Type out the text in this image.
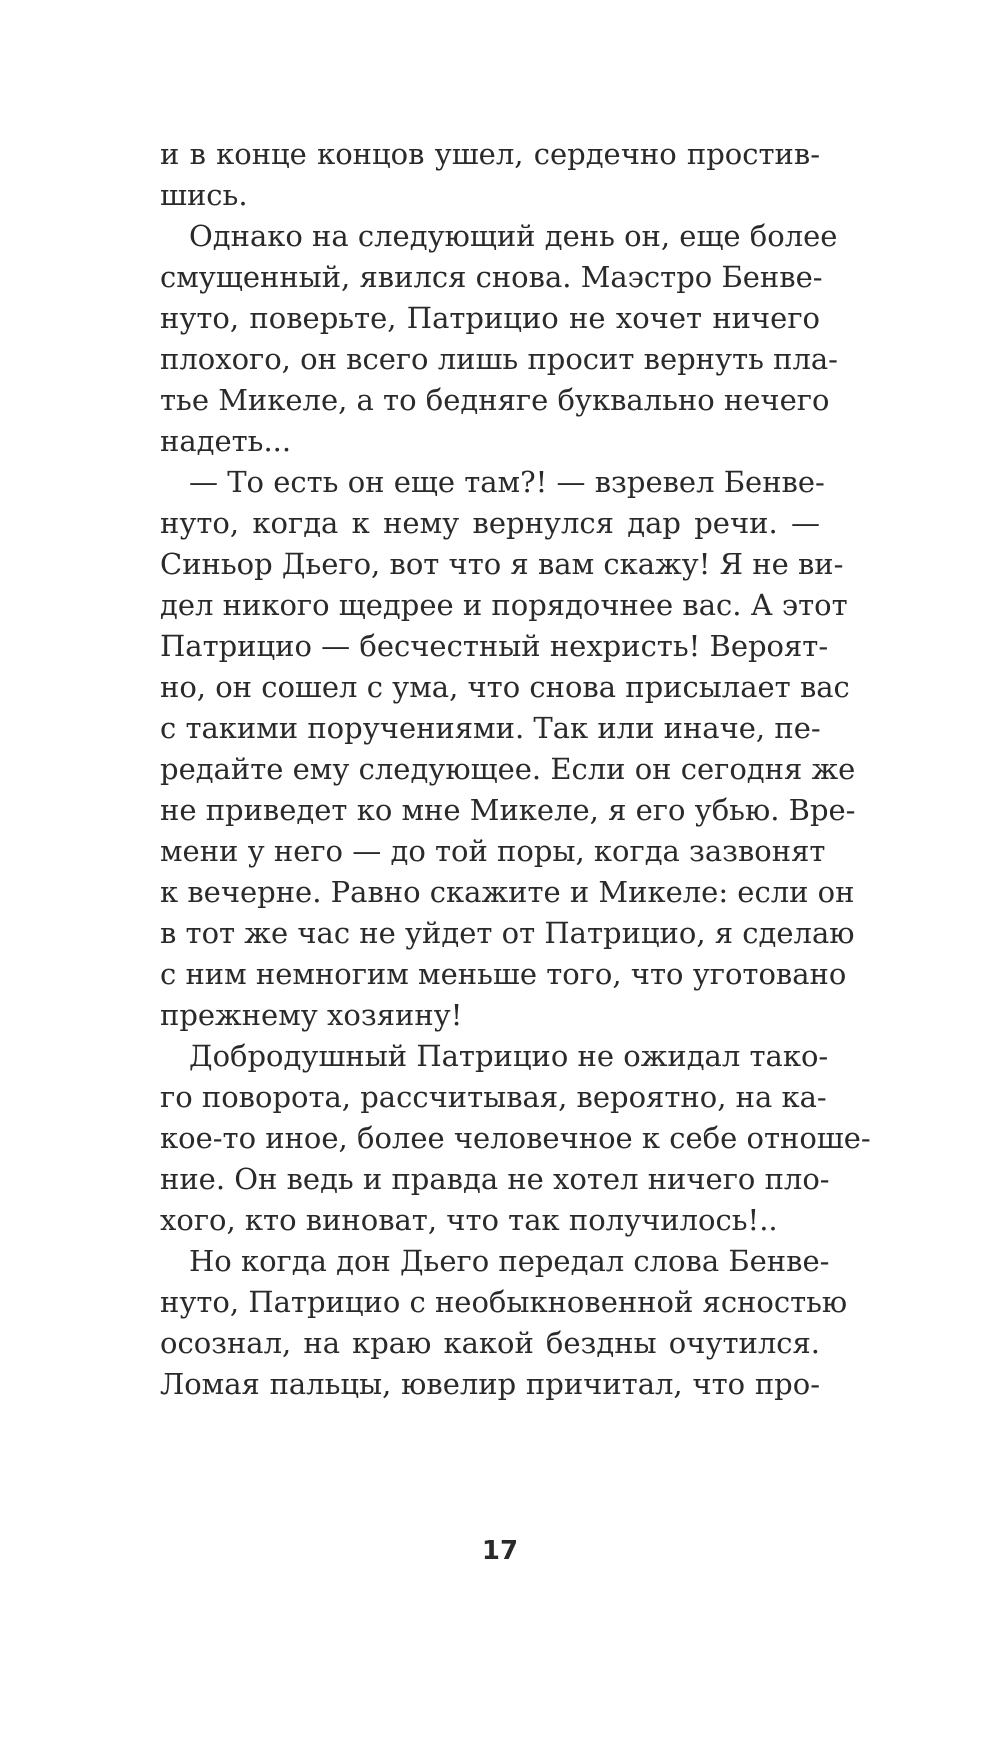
и в конце концов ушел, сердечно простив-
шись.
Однако на следующий день он, еще более
смущенный, явился снова. Маэстро Бенве-
нуто, поверьте, Патрицио не хочет ничего
плохого, он всего лишь просит вернуть пла-
тье Микеле, а то бедняге буквально нечего
надеть...
— То есть он еще там?! — взревел Бенве-
нуто, когда к нему вернулся дар речи. —
Синьор Дьего, вот что я вам скажу! Я не ви-
дел никого щедрее и порядочнее вас. А этот
Патрицио — бесчестный нехристь! Вероят-
но, он сошел с ума, что снова присылает вас
с такими поручениями. Так или иначе, пе-
редайте ему следующее. Если он сегодня же
не приведет ко мне Микеле, я его убью. Вре-
мени у него — до той поры, когда зазвонят
к вечерне. Равно скажите и Микеле: если он
в тот же час не уйдет от Патрицио, я сделаю
с ним немногим меньше того, что уготовано
прежнему хозяину!
Добродушный Патрицио не ожидал тако-
го поворота, рассчитывая, вероятно, на ка-
кое-то иное, более человечное к себе отноше-
ние. Он ведь и правда не хотел ничего пло-
хого, кто виноват, что так получилось!..
Но когда дон Дьего передал слова Бенве-
нуто, Патрицио с необыкновенной ясностью
осознал, на краю какой бездны очутился.
Ломая пальцы, ювелир причитал, что про-
17
